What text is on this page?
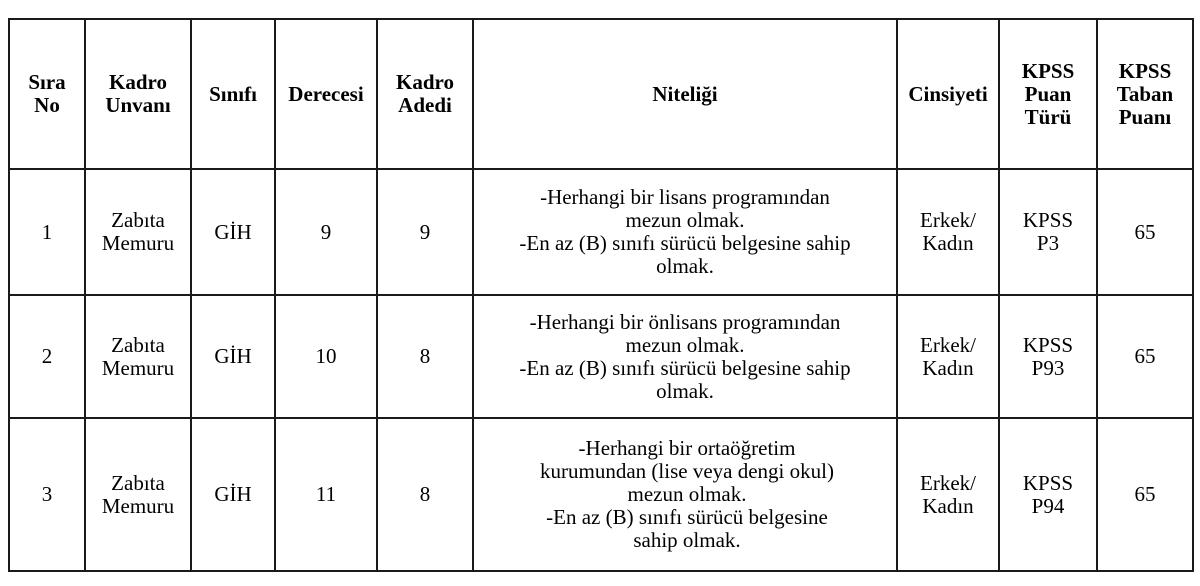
Sıra
No	Kadro
Unvanı	Sınıfı	Derecesi	Kadro
Adedi	Niteliği	Cinsiyeti	KPSS
Puan
Türü	KPSS
Taban
Puanı

1	Zabıta
Memuru	GİH	9	9	-Herhangi bir lisans programından
mezun olmak.
-En az (B) sınıfı sürücü belgesine sahip
olmak.	Erkek/
Kadın	KPSS
P3	65
2	Zabıta
Memuru	GİH	10	8	-Herhangi bir önlisans programından
mezun olmak.
-En az (B) sınıfı sürücü belgesine sahip
olmak.	Erkek/
Kadın	KPSS
P93	65
3	Zabıta
Memuru	GİH	11	8	-Herhangi bir ortaöğretim
kurumundan (lise veya dengi okul)
mezun olmak.
-En az (B) sınıfı sürücü belgesine
sahip olmak.	Erkek/
Kadın	KPSS
P94	65
